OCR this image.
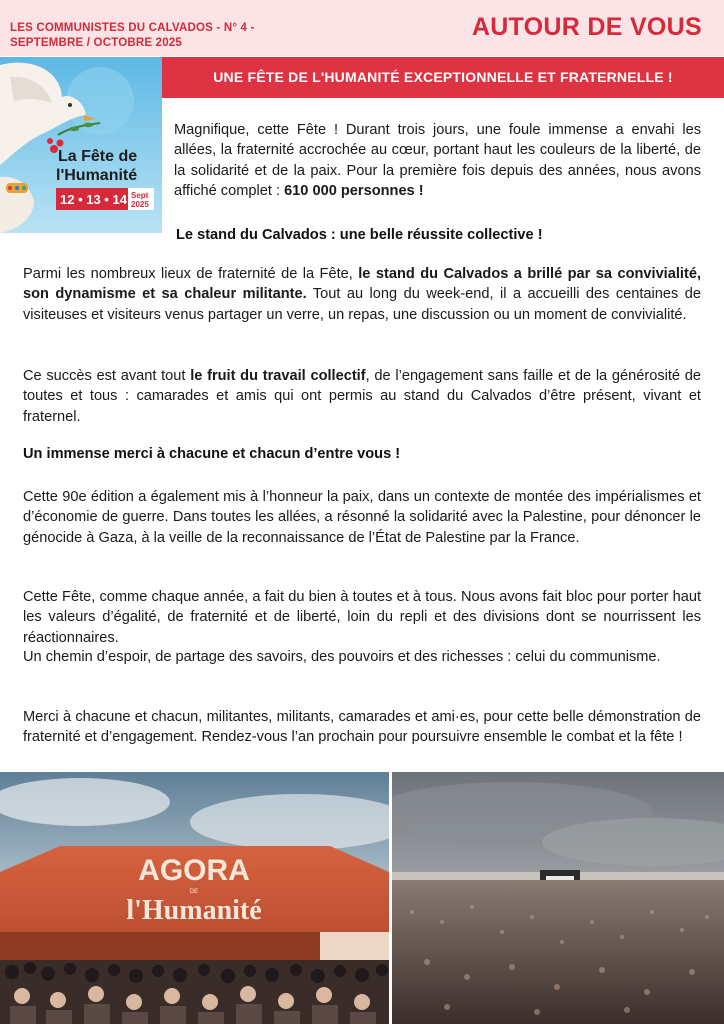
LES COMMUNISTES DU CALVADOS - N° 4 -
SEPTEMBRE / OCTOBRE 2025
AUTOUR DE VOUS
La Fête de
l'Humanité
12 • 13 • 14 Sept
2025
UNE FÊTE DE L'HUMANITÉ EXCEPTIONNELLE ET FRATERNELLE !
Magnifique, cette Fête ! Durant trois jours, une foule immense a envahi les allées, la fraternité accrochée au cœur, portant haut les couleurs de la liberté, de la solidarité et de la paix. Pour la première fois depuis des années, nous avons affiché complet : 610 000 personnes !
Le stand du Calvados : une belle réussite collective !
Parmi les nombreux lieux de fraternité de la Fête, le stand du Calvados a brillé par sa convivialité, son dynamisme et sa chaleur militante. Tout au long du week-end, il a accueilli des centaines de visiteuses et visiteurs venus partager un verre, un repas, une discussion ou un moment de convivialité.
Ce succès est avant tout le fruit du travail collectif, de l’engagement sans faille et de la générosité de toutes et tous : camarades et amis qui ont permis au stand du Calvados d’être présent, vivant et fraternel.
Un immense merci à chacune et chacun d’entre vous !
Cette 90e édition a également mis à l’honneur la paix, dans un contexte de montée des impérialismes et d’économie de guerre. Dans toutes les allées, a résonné la solidarité avec la Palestine, pour dénoncer le génocide à Gaza, à la veille de la reconnaissance de l’État de Palestine par la France.
Cette Fête, comme chaque année, a fait du bien à toutes et à tous. Nous avons fait bloc pour porter haut les valeurs d’égalité, de fraternité et de liberté, loin du repli et des divisions dont se nourrissent les réactionnaires.
Un chemin d’espoir, de partage des savoirs, des pouvoirs et des richesses : celui du communisme.
Merci à chacune et chacun, militantes, militants, camarades et ami·es, pour cette belle démonstration de fraternité et d’engagement. Rendez-vous l’an prochain pour poursuivre ensemble le combat et la fête !
AGORA
DE
l'Humanité
